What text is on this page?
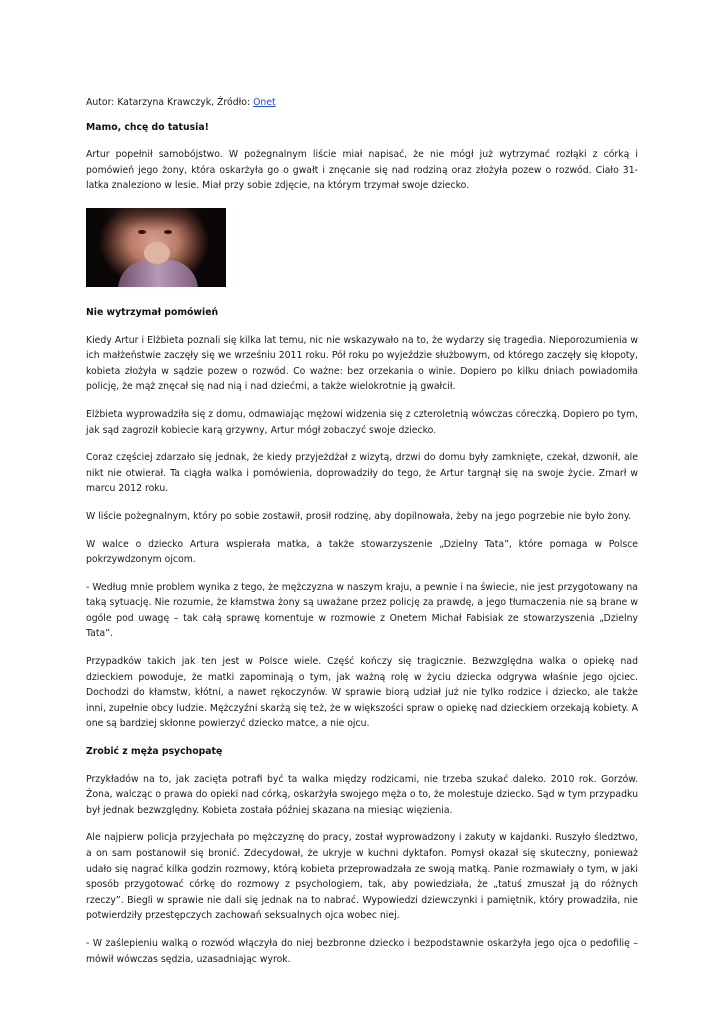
Autor: Katarzyna Krawczyk, Źródło: Onet

Mamo, chcę do tatusia!

Artur popełnił samobójstwo. W pożegnalnym liście miał napisać, że nie mógł już wytrzymać rozłąki z córką i pomówień jego żony, która oskarżyła go o gwałt i znęcanie się nad rodziną oraz złożyła pozew o rozwód. Ciało 31-latka znaleziono w lesie. Miał przy sobie zdjęcie, na którym trzymał swoje dziecko.

Nie wytrzymał pomówień

Kiedy Artur i Elżbieta poznali się kilka lat temu, nic nie wskazywało na to, że wydarzy się tragedia. Nieporozumienia w ich małżeństwie zaczęły się we wrześniu 2011 roku. Pół roku po wyjeździe służbowym, od którego zaczęły się kłopoty, kobieta złożyła w sądzie pozew o rozwód. Co ważne: bez orzekania o winie. Dopiero po kilku dniach powiadomiła policję, że mąż znęcał się nad nią i nad dziećmi, a także wielokrotnie ją gwałcił.

Elżbieta wyprowadziła się z domu, odmawiając mężowi widzenia się z czteroletnią wówczas córeczką. Dopiero po tym, jak sąd zagroził kobiecie karą grzywny, Artur mógł zobaczyć swoje dziecko.

Coraz częściej zdarzało się jednak, że kiedy przyjeżdżał z wizytą, drzwi do domu były zamknięte, czekał, dzwonił, ale nikt nie otwierał. Ta ciągła walka i pomówienia, doprowadziły do tego, że Artur targnął się na swoje życie. Zmarł w marcu 2012 roku.

W liście pożegnalnym, który po sobie zostawił, prosił rodzinę, aby dopilnowała, żeby na jego pogrzebie nie było żony.

W walce o dziecko Artura wspierała matka, a także stowarzyszenie „Dzielny Tata”, które pomaga w Polsce pokrzywdzonym ojcom.

- Według mnie problem wynika z tego, że mężczyzna w naszym kraju, a pewnie i na świecie, nie jest przygotowany na taką sytuację. Nie rozumie, że kłamstwa żony są uważane przez policję za prawdę, a jego tłumaczenia nie są brane w ogóle pod uwagę – tak całą sprawę komentuje w rozmowie z Onetem Michał Fabisiak ze stowarzyszenia „Dzielny Tata”.

Przypadków takich jak ten jest w Polsce wiele. Część kończy się tragicznie. Bezwzględna walka o opiekę nad dzieckiem powoduje, że matki zapominają o tym, jak ważną rolę w życiu dziecka odgrywa właśnie jego ojciec. Dochodzi do kłamstw, kłótni, a nawet rękoczynów. W sprawie biorą udział już nie tylko rodzice i dziecko, ale także inni, zupełnie obcy ludzie. Mężczyźni skarżą się też, że w większości spraw o opiekę nad dzieckiem orzekają kobiety. A one są bardziej skłonne powierzyć dziecko matce, a nie ojcu.

Zrobić z męża psychopatę

Przykładów na to, jak zacięta potrafi być ta walka między rodzicami, nie trzeba szukać daleko. 2010 rok. Gorzów. Żona, walcząc o prawa do opieki nad córką, oskarżyła swojego męża o to, że molestuje dziecko. Sąd w tym przypadku był jednak bezwzględny. Kobieta została później skazana na miesiąc więzienia.

Ale najpierw policja przyjechała po mężczyznę do pracy, został wyprowadzony i zakuty w kajdanki. Ruszyło śledztwo, a on sam postanowił się bronić. Zdecydował, że ukryje w kuchni dyktafon. Pomysł okazał się skuteczny, ponieważ udało się nagrać kilka godzin rozmowy, którą kobieta przeprowadzała ze swoją matką. Panie rozmawiały o tym, w jaki sposób przygotować córkę do rozmowy z psychologiem, tak, aby powiedziała, że „tatuś zmuszał ją do różnych rzeczy”. Biegli w sprawie nie dali się jednak na to nabrać. Wypowiedzi dziewczynki i pamiętnik, który prowadziła, nie potwierdziły przestępczych zachowań seksualnych ojca wobec niej.

- W zaślepieniu walką o rozwód włączyła do niej bezbronne dziecko i bezpodstawnie oskarżyła jego ojca o pedofilię – mówił wówczas sędzia, uzasadniając wyrok.
